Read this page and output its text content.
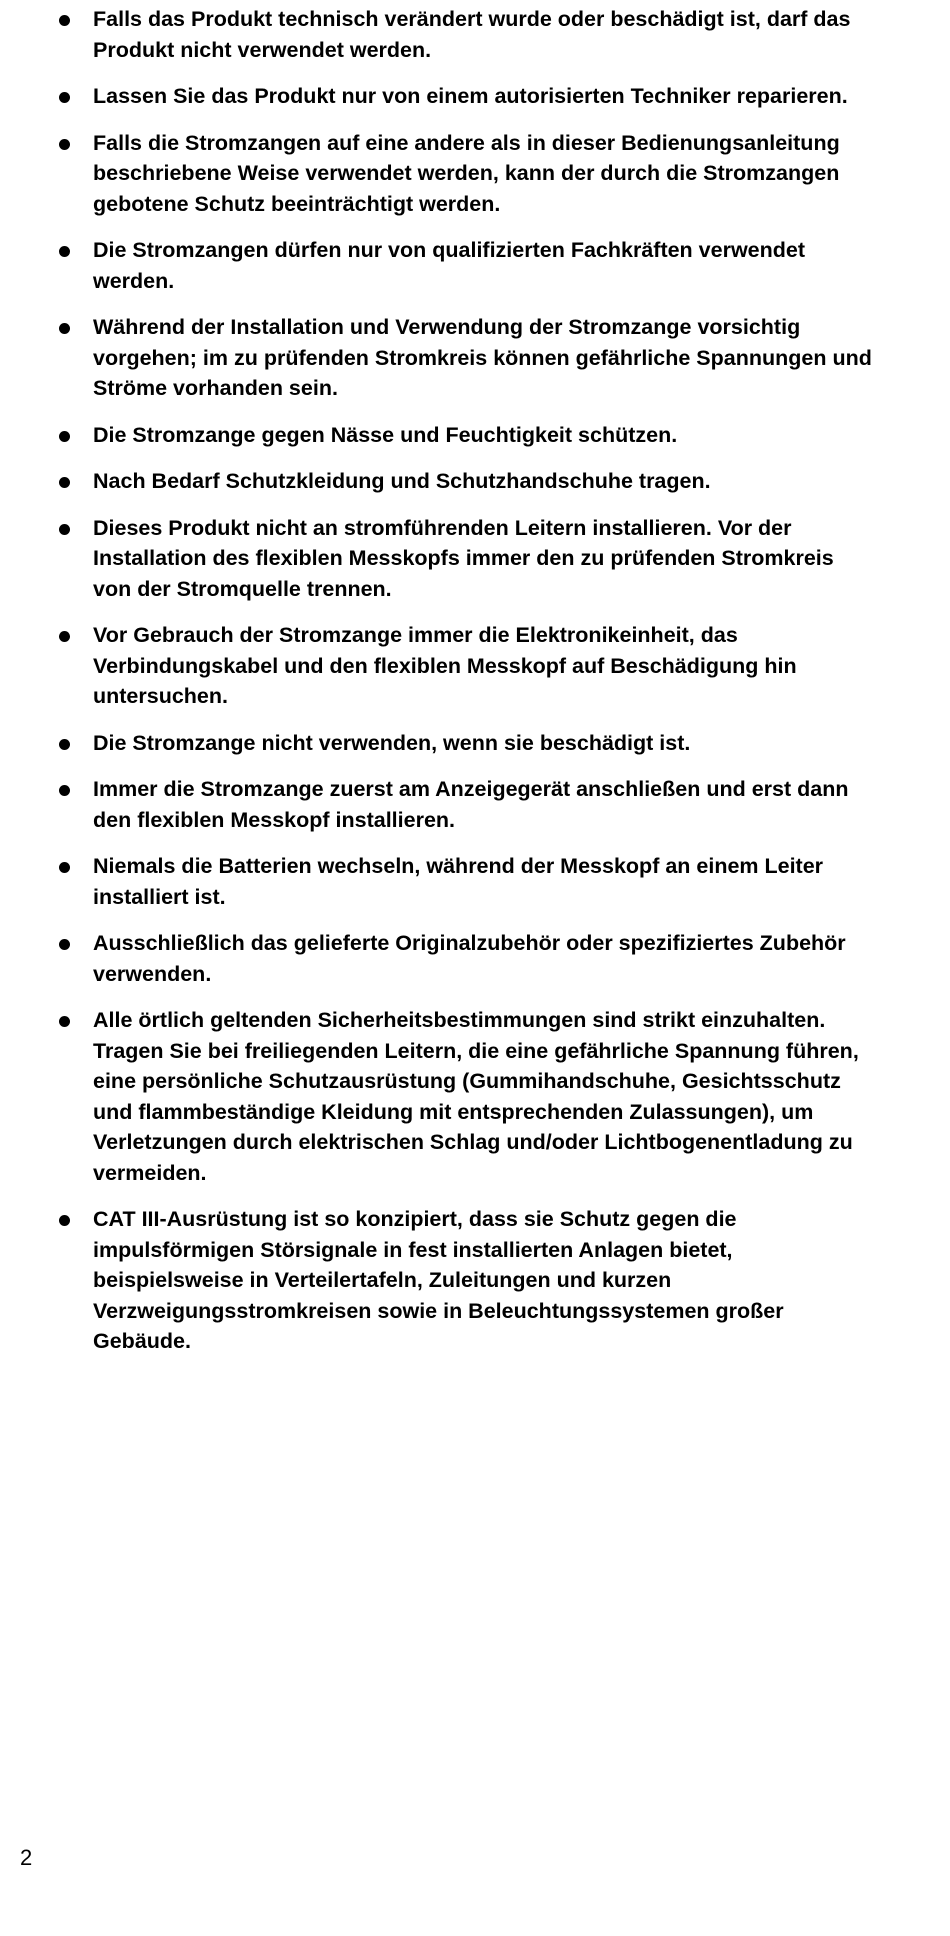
Falls das Produkt technisch verändert wurde oder beschädigt ist, darf das Produkt nicht verwendet werden.
Lassen Sie das Produkt nur von einem autorisierten Techniker reparieren.
Falls die Stromzangen auf eine andere als in dieser Bedienungsanleitung beschriebene Weise verwendet werden, kann der durch die Stromzangen gebotene Schutz beeinträchtigt werden.
Die Stromzangen dürfen nur von qualifizierten Fachkräften verwendet werden.
Während der Installation und Verwendung der Stromzange vorsichtig vorgehen; im zu prüfenden Stromkreis können gefährliche Spannungen und Ströme vorhanden sein.
Die Stromzange gegen Nässe und Feuchtigkeit schützen.
Nach Bedarf Schutzkleidung und Schutzhandschuhe tragen.
Dieses Produkt nicht an stromführenden Leitern installieren. Vor der Installation des flexiblen Messkopfs immer den zu prüfenden Stromkreis von der Stromquelle trennen.
Vor Gebrauch der Stromzange immer die Elektronikeinheit, das Verbindungskabel und den flexiblen Messkopf auf Beschädigung hin untersuchen.
Die Stromzange nicht verwenden, wenn sie beschädigt ist.
Immer die Stromzange zuerst am Anzeigegerät anschließen und erst dann den flexiblen Messkopf installieren.
Niemals die Batterien wechseln, während der Messkopf an einem Leiter installiert ist.
Ausschließlich das gelieferte Originalzubehör oder spezifiziertes Zubehör verwenden.
Alle örtlich geltenden Sicherheitsbestimmungen sind strikt einzuhalten. Tragen Sie bei freiliegenden Leitern, die eine gefährliche Spannung führen, eine persönliche Schutzausrüstung (Gummihandschuhe, Gesichtsschutz und flammbeständige Kleidung mit entsprechenden Zulassungen), um Verletzungen durch elektrischen Schlag und/oder Lichtbogenentladung zu vermeiden.
CAT III-Ausrüstung ist so konzipiert, dass sie Schutz gegen die impulsförmigen Störsignale in fest installierten Anlagen bietet, beispielsweise in Verteilertafeln, Zuleitungen und kurzen Verzweigungsstromkreisen sowie in Beleuchtungssystemen großer Gebäude.
2
